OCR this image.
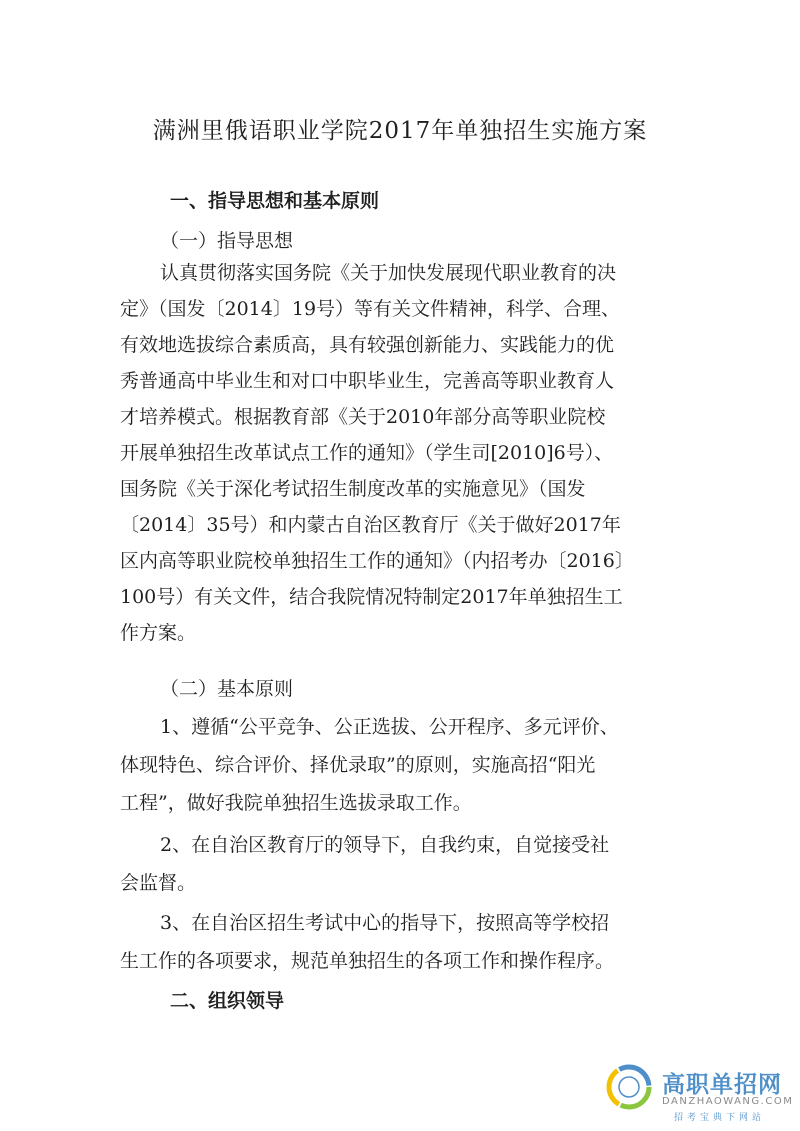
满洲里俄语职业学院2017年单独招生实施方案
一、指导思想和基本原则
（一）指导思想
认真贯彻落实国务院《关于加快发展现代职业教育的决
定》（国发〔2014〕19号）等有关文件精神，科学、合理、
有效地选拔综合素质高，具有较强创新能力、实践能力的优
秀普通高中毕业生和对口中职毕业生，完善高等职业教育人
才培养模式。根据教育部《关于2010年部分高等职业院校
开展单独招生改革试点工作的通知》（学生司[2010]6号）、
国务院《关于深化考试招生制度改革的实施意见》（国发
〔2014〕35号）和内蒙古自治区教育厅《关于做好2017年
区内高等职业院校单独招生工作的通知》（内招考办〔2016〕
100号）有关文件，结合我院情况特制定2017年单独招生工
作方案。
（二）基本原则
1、遵循“公平竞争、公正选拔、公开程序、多元评价、
体现特色、综合评价、择优录取”的原则，实施高招“阳光
工程”，做好我院单独招生选拔录取工作。
2、在自治区教育厅的领导下，自我约束，自觉接受社
会监督。
3、在自治区招生考试中心的指导下，按照高等学校招
生工作的各项要求，规范单独招生的各项工作和操作程序。
二、组织领导
高职单招网
DANZHAOWANG.COM
招考宝典下网站
